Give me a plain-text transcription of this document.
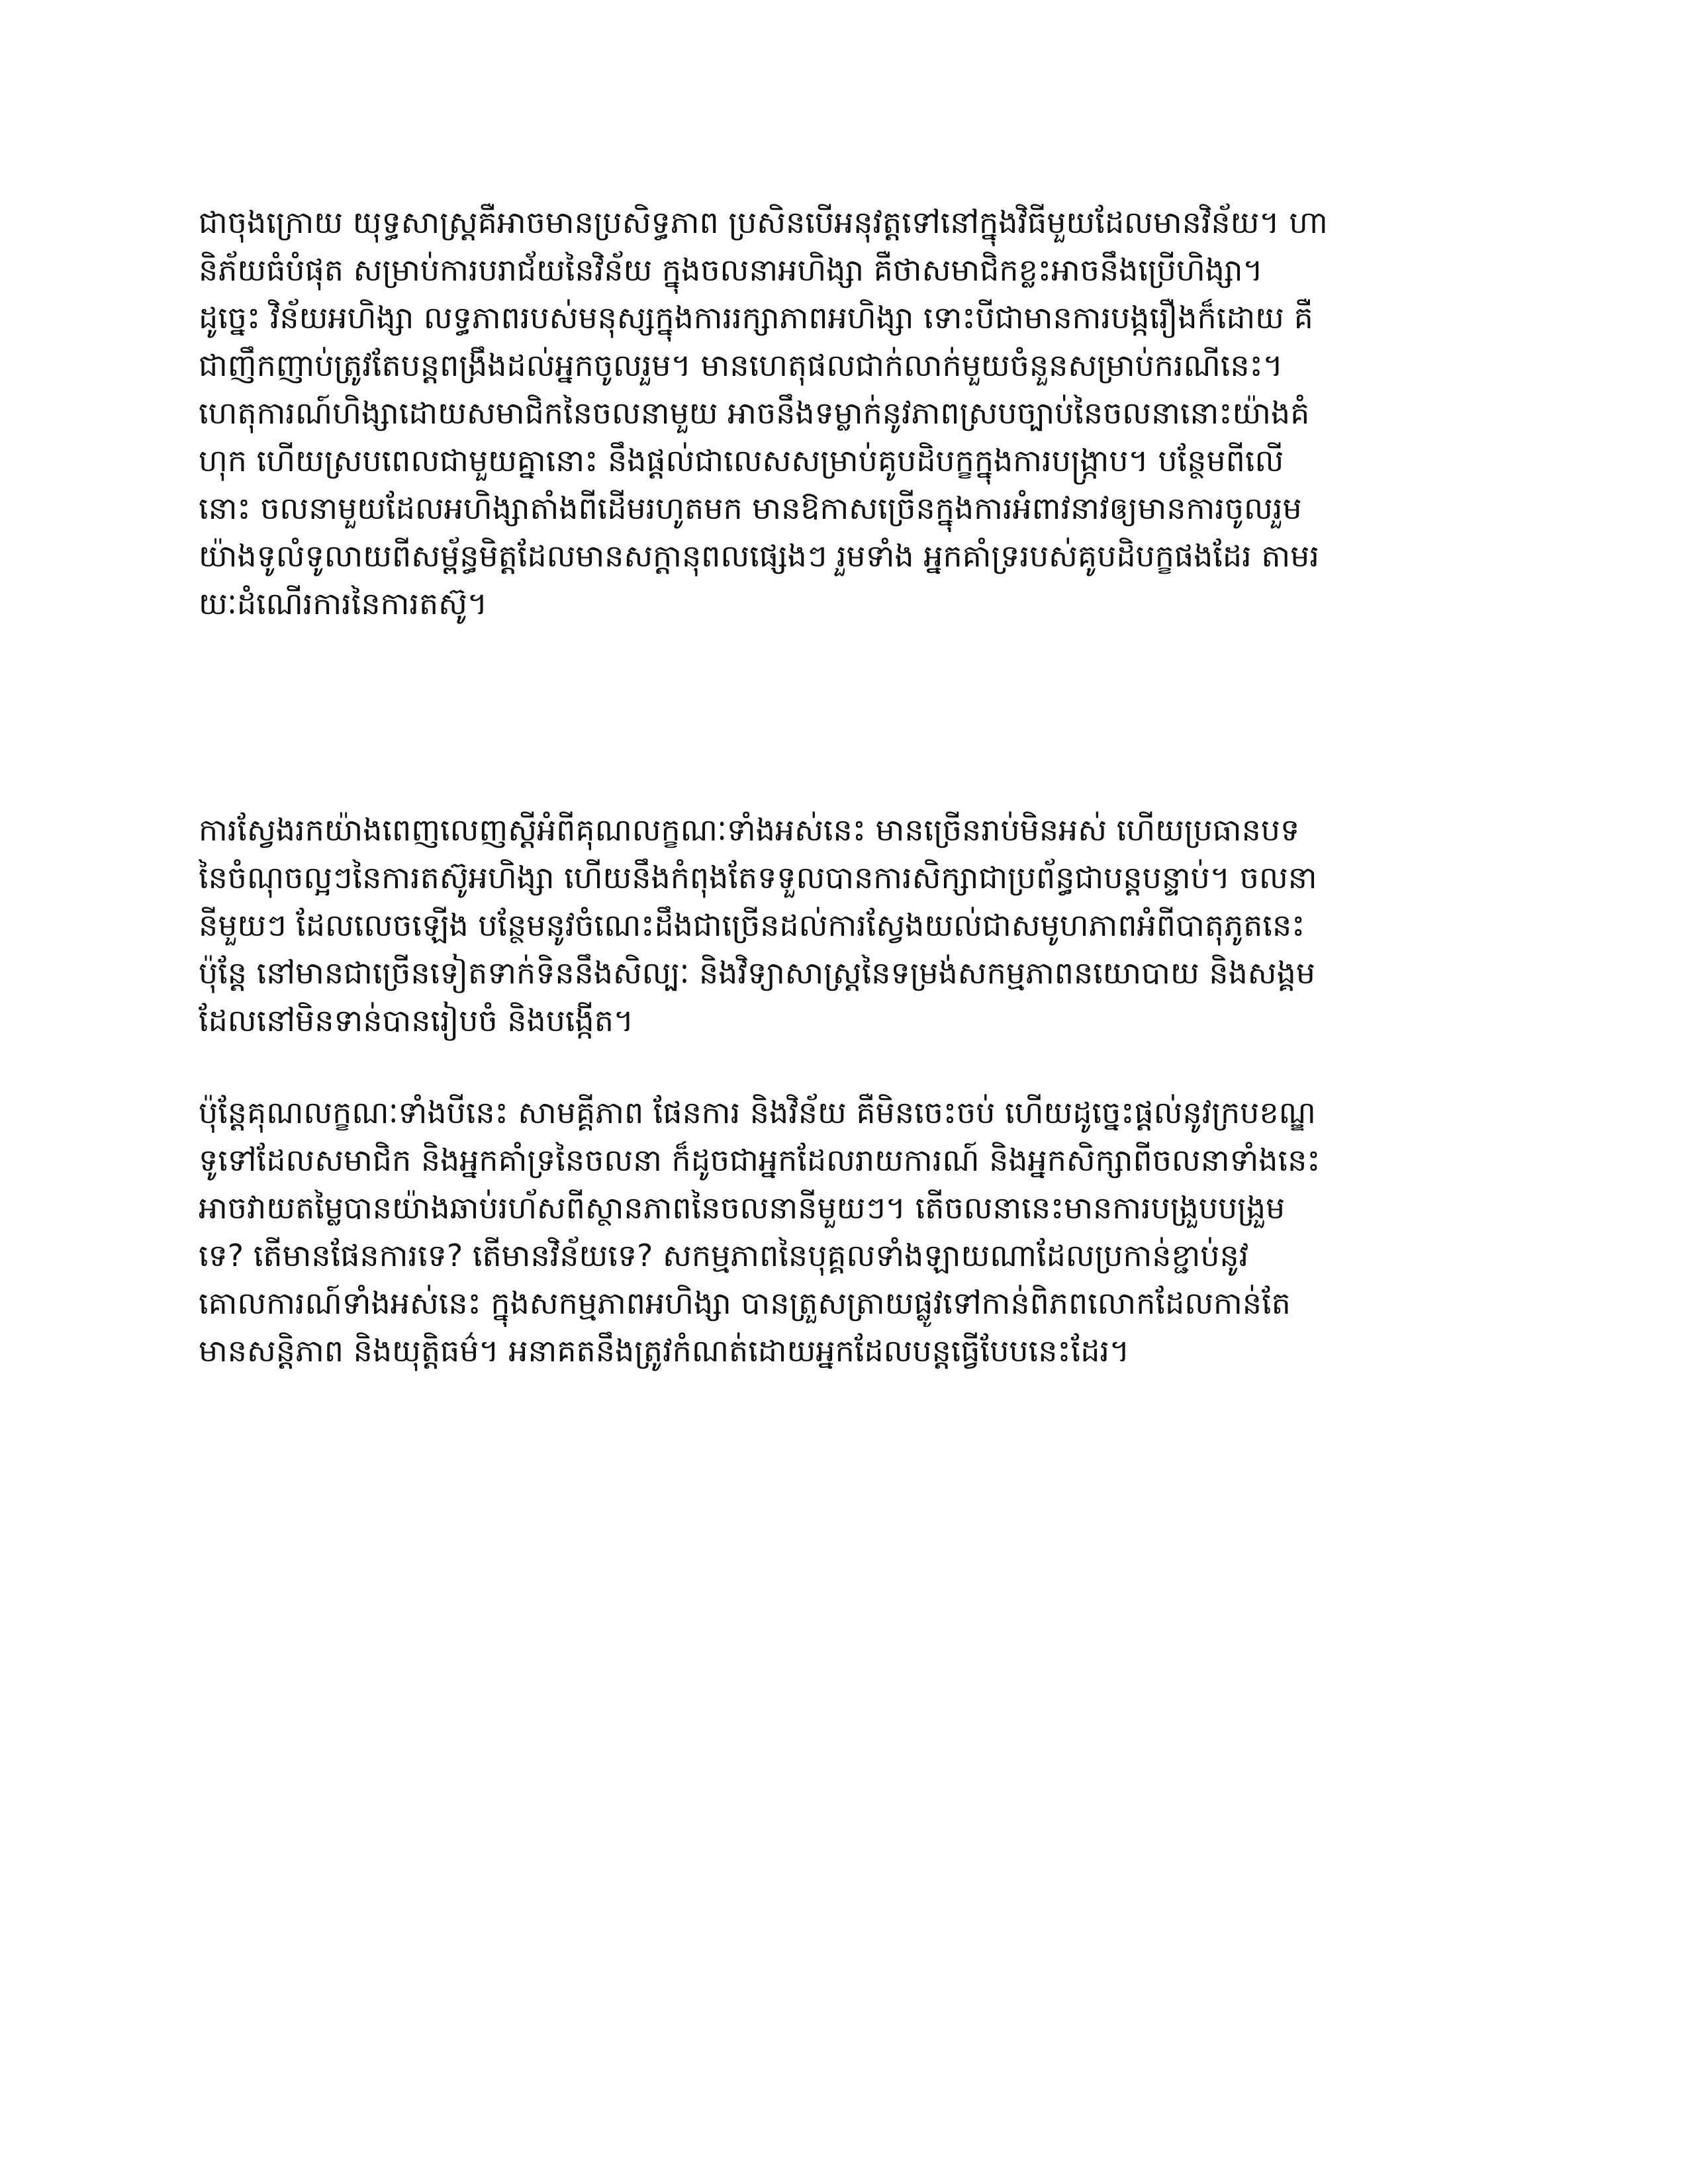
ជាចុងក្រោយ យុទ្ធសាស្ត្រគឺអាចមានប្រសិទ្ធភាព ប្រសិនបើអនុវត្តទៅនៅក្នុងវិធីមួយដែលមានវិន័យ។ ហា
និភ័យធំបំផុត សម្រាប់ការបរាជ័យនៃវិន័យ ក្នុងចលនាអហិង្សា គឺថាសមាជិកខ្លះអាចនឹងប្រើហិង្សា។
ដូច្នេះ វិន័យអហិង្សា លទ្ធភាពរបស់មនុស្សក្នុងការរក្សាភាពអហិង្សា ទោះបីជាមានការបង្ករឿងក៏ដោយ គឺ
ជាញឹកញាប់ត្រូវតែបន្តពង្រឹងដល់អ្នកចូលរួម។ មានហេតុផលជាក់លាក់មួយចំនួនសម្រាប់ករណីនេះ។
ហេតុការណ៍ហិង្សាដោយសមាជិកនៃចលនាមួយ អាចនឹងទម្លាក់នូវភាពស្របច្បាប់នៃចលនានោះយ៉ាងគំ
ហុក ហើយស្របពេលជាមួយគ្នានោះ នឹងផ្តល់ជាលេសសម្រាប់គូបដិបក្ខក្នុងការបង្ក្រាប។ បន្ថែមពីលើ
នោះ ចលនាមួយដែលអហិង្សាតាំងពីដើមរហូតមក មានឱកាសច្រើនក្នុងការអំពាវនាវឲ្យមានការចូលរួម
យ៉ាងទូលំទូលាយពីសម្ព័ន្ធមិត្តដែលមានសក្តានុពលផ្សេងៗ រួមទាំង អ្នកគាំទ្ររបស់គូបដិបក្ខផងដែរ តាមរ
យៈដំណើរការនៃការតស៊ូ។
ការស្វែងរកយ៉ាងពេញលេញស្តីអំពីគុណលក្ខណៈទាំងអស់នេះ មានច្រើនរាប់មិនអស់ ហើយប្រធានបទ
នៃចំណុចល្អៗនៃការតស៊ូអហិង្សា ហើយនឹងកំពុងតែទទួលបានការសិក្សាជាប្រព័ន្ធជាបន្តបន្ទាប់។ ចលនា
នីមួយៗ ដែលលេចឡើង បន្ថែមនូវចំណេះដឹងជាច្រើនដល់ការស្វែងយល់ជាសមូហភាពអំពីបាតុភូតនេះ
ប៉ុន្តែ នៅមានជាច្រើនទៀតទាក់ទិននឹងសិល្បៈ និងវិទ្យាសាស្ត្រនៃទម្រង់សកម្មភាពនយោបាយ និងសង្គម
ដែលនៅមិនទាន់បានរៀបចំ និងបង្កើត។
ប៉ុន្តែគុណលក្ខណៈទាំងបីនេះ សាមគ្គីភាព ផែនការ និងវិន័យ គឺមិនចេះចប់ ហើយដូច្នេះផ្តល់នូវក្របខណ្ឌ
ទូទៅដែលសមាជិក និងអ្នកគាំទ្រនៃចលនា ក៏ដូចជាអ្នកដែលរាយការណ៍ និងអ្នកសិក្សាពីចលនាទាំងនេះ
អាចវាយតម្លៃបានយ៉ាងឆាប់រហ័សពីស្ថានភាពនៃចលនានីមួយៗ។ តើចលនានេះមានការបង្រួបបង្រួម
ទេ? តើមានផែនការទេ? តើមានវិន័យទេ? សកម្មភាពនៃបុគ្គលទាំងឡាយណាដែលប្រកាន់ខ្ជាប់នូវ
គោលការណ៍ទាំងអស់នេះ ក្នុងសកម្មភាពអហិង្សា បានត្រួសត្រាយផ្លូវទៅកាន់ពិភពលោកដែលកាន់តែ
មានសន្តិភាព និងយុត្តិធម៌។ អនាគតនឹងត្រូវកំណត់ដោយអ្នកដែលបន្តធ្វើបែបនេះដែរ។
